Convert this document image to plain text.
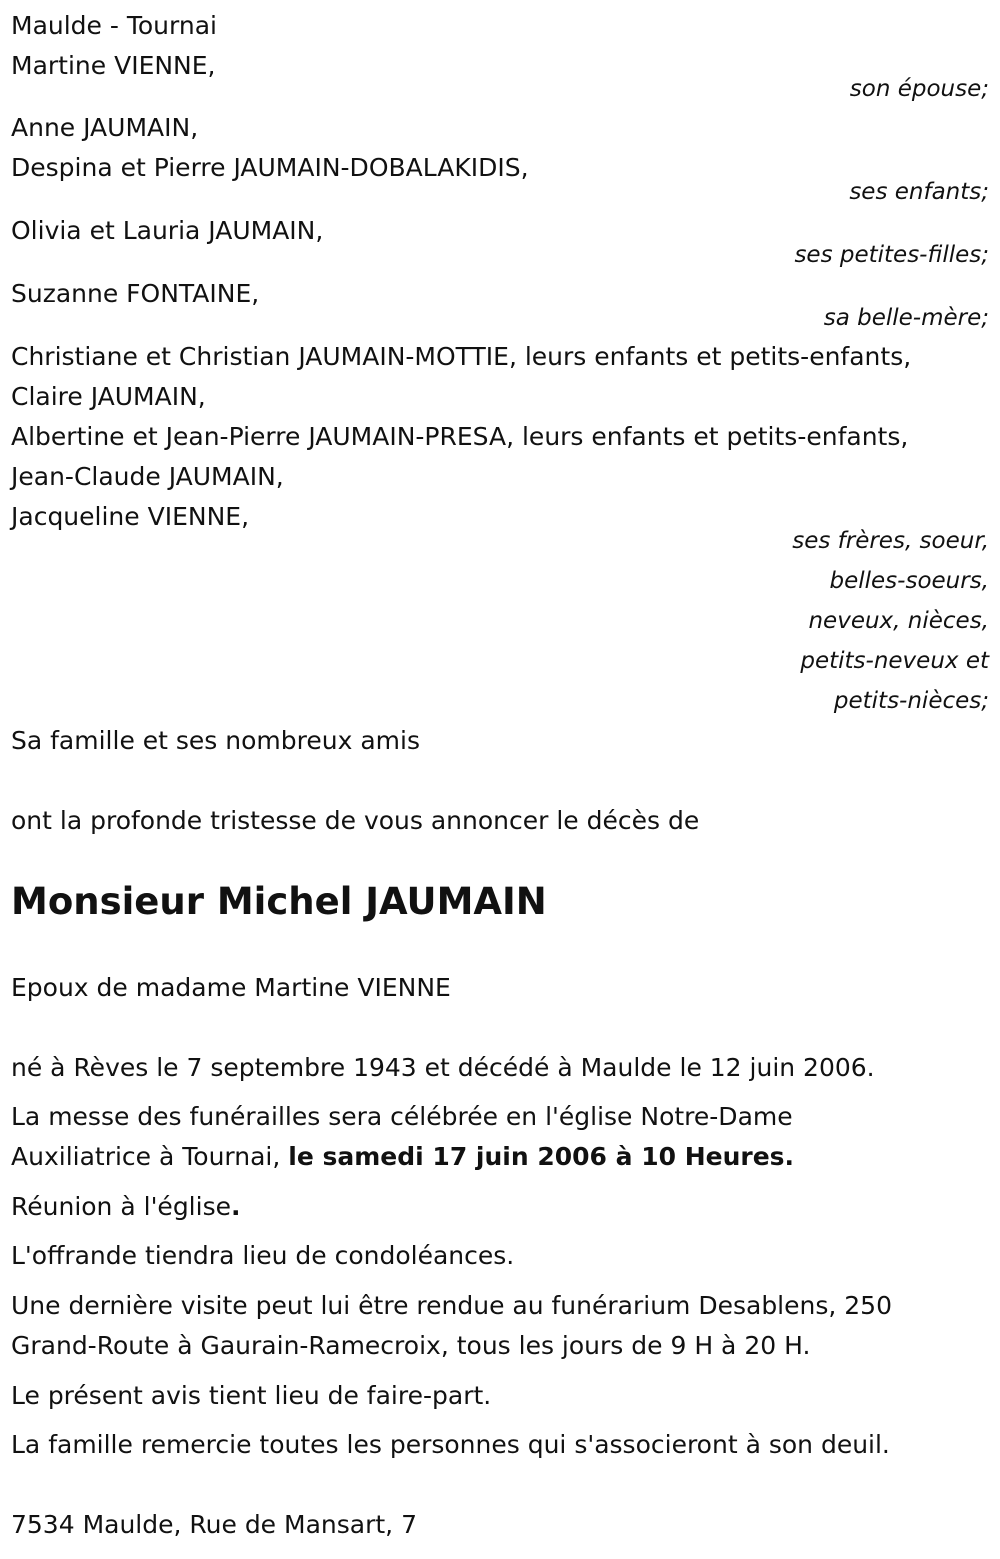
Maulde - Tournai
Martine VIENNE,
son épouse;
Anne JAUMAIN,
Despina et Pierre JAUMAIN-DOBALAKIDIS,
ses enfants;
Olivia et Lauria JAUMAIN,
ses petites-filles;
Suzanne FONTAINE,
sa belle-mère;
Christiane et Christian JAUMAIN-MOTTIE, leurs enfants et petits-enfants,
Claire JAUMAIN,
Albertine et Jean-Pierre JAUMAIN-PRESA, leurs enfants et petits-enfants,
Jean-Claude JAUMAIN,
Jacqueline VIENNE,
ses frères, soeur,
belles-soeurs,
neveux, nièces,
petits-neveux et
petits-nièces;
Sa famille et ses nombreux amis
ont la profonde tristesse de vous annoncer le décès de
Monsieur Michel JAUMAIN
Epoux de madame Martine VIENNE
né à Rèves le 7 septembre 1943 et décédé à Maulde le 12 juin 2006.
La messe des funérailles sera célébrée en l'église Notre-Dame
Auxiliatrice à Tournai, le samedi 17 juin 2006 à 10 Heures.
Réunion à l'église.
L'offrande tiendra lieu de condoléances.
Une dernière visite peut lui être rendue au funérarium Desablens, 250
Grand-Route à Gaurain-Ramecroix, tous les jours de 9 H à 20 H.
Le présent avis tient lieu de faire-part.
La famille remercie toutes les personnes qui s'associeront à son deuil.
7534 Maulde, Rue de Mansart, 7
